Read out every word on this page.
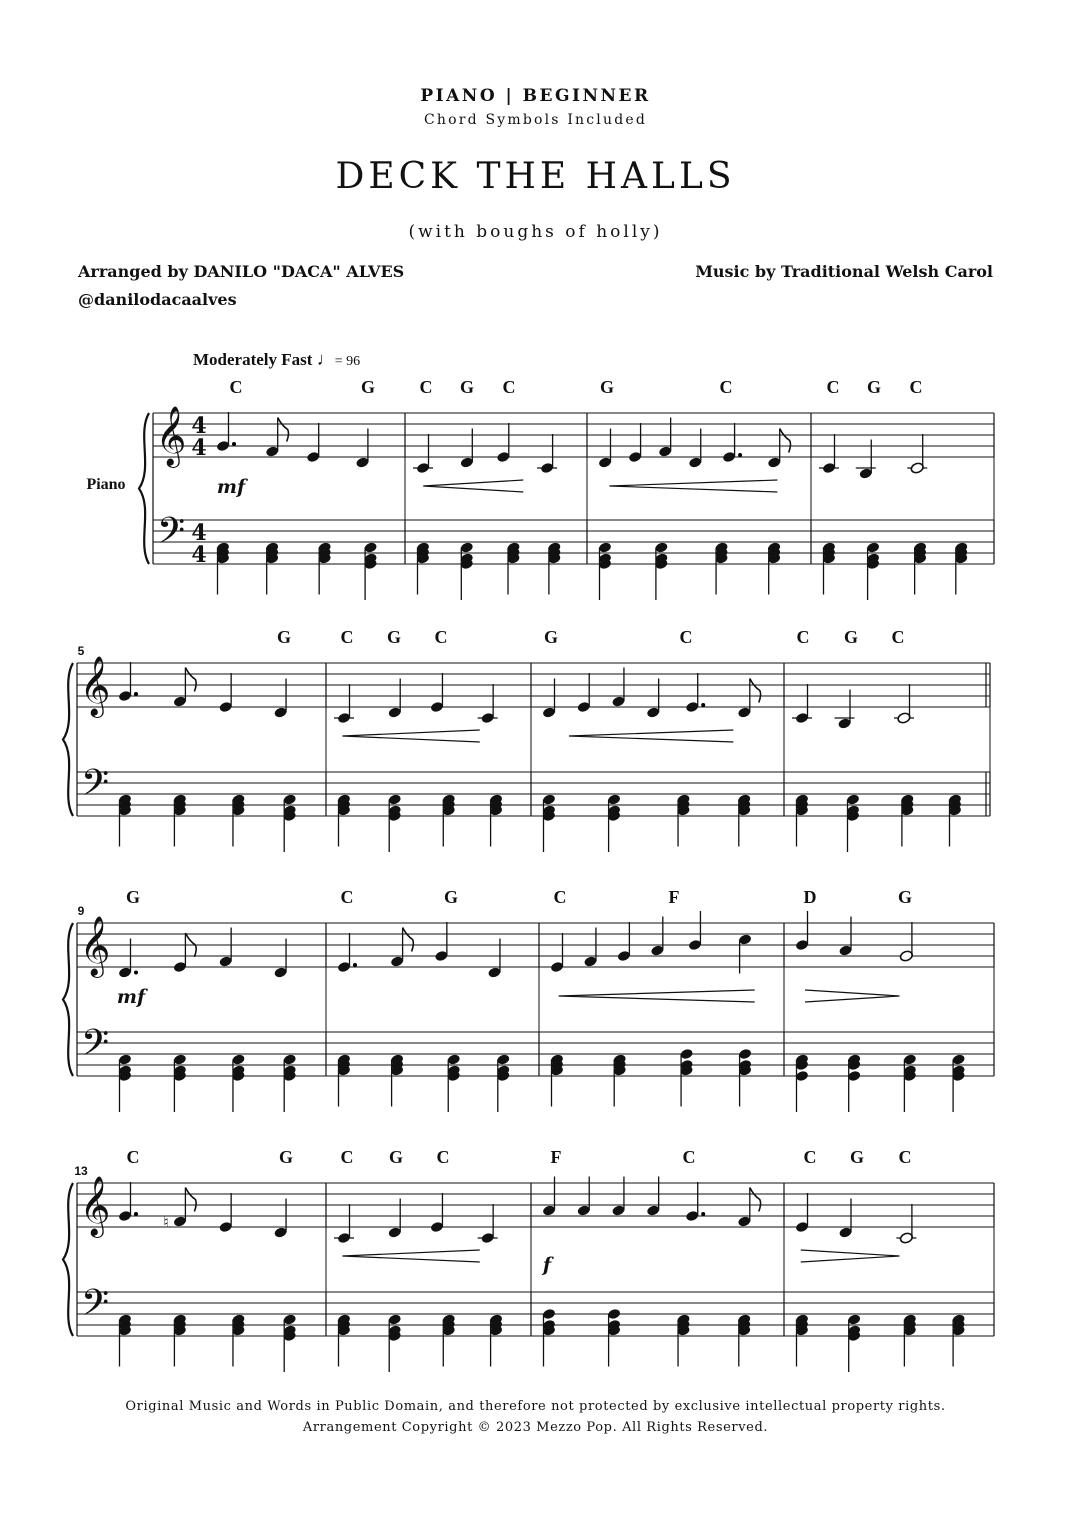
PIANO | BEGINNER
Chord Symbols Included
DECK THE HALLS
(with boughs of holly)
Arranged by DANILO "DACA" ALVES
@danilodacaalves
Music by Traditional Welsh Carol
Moderately Fast ♩= 96
𝄞
𝄢
4
4
4
4
Piano
C	G C G C	G	C	C G C
mf
𝄞
𝄢
5
G	C G C	G	C	C G C
𝄞
𝄢
9
G	C	G	C	F	D	G
mf
𝄞
𝄢
13
C	G	C G C	F	C	C G C
♮
f
Original Music and Words in Public Domain, and therefore not protected by exclusive intellectual property rights.
Arrangement Copyright © 2023 Mezzo Pop. All Rights Reserved.
